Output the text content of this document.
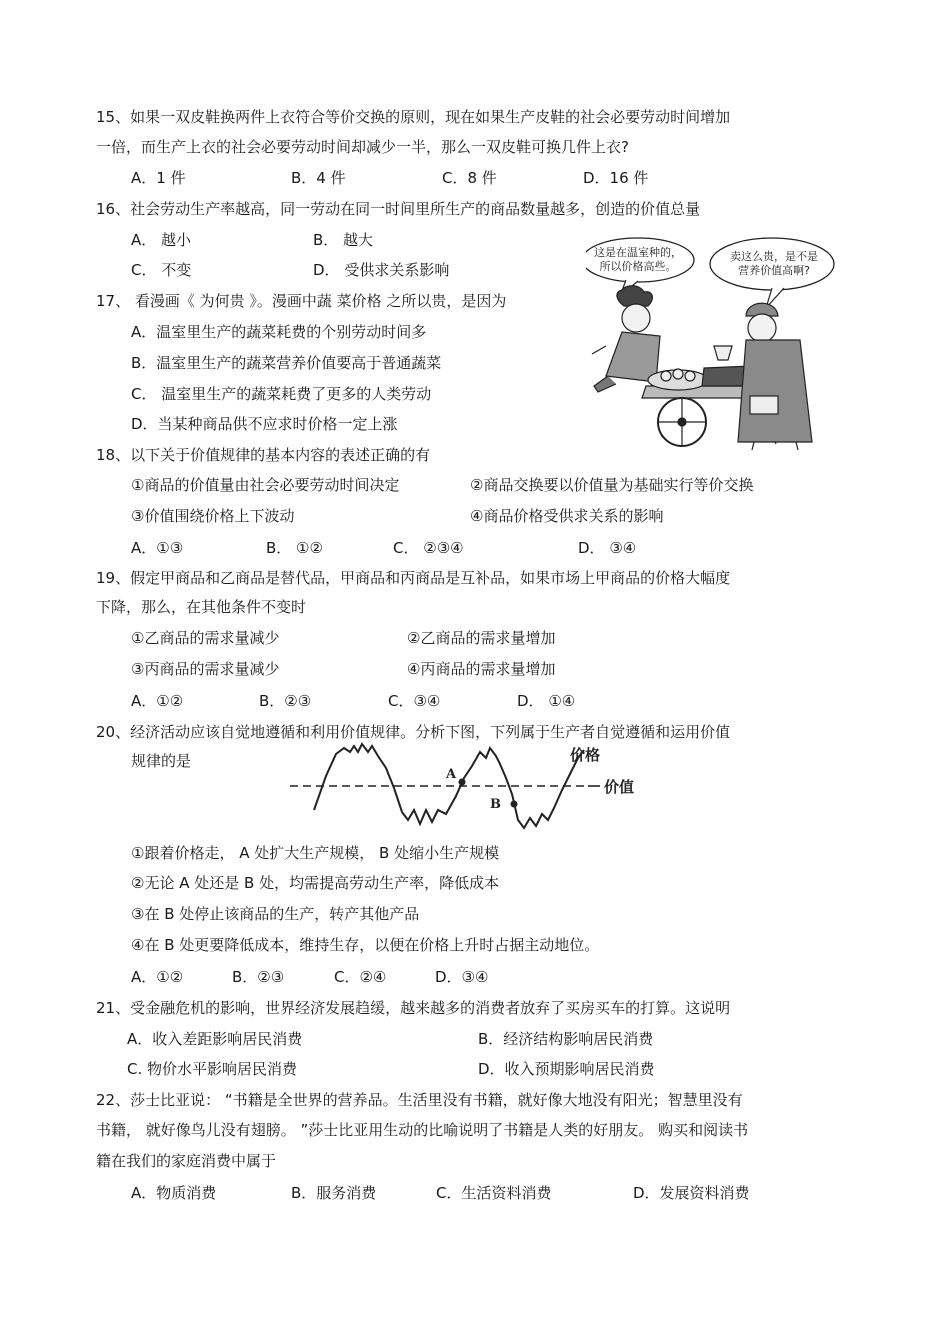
15、如果一双皮鞋换两件上衣符合等价交换的原则，现在如果生产皮鞋的社会必要劳动时间增加
一倍，而生产上衣的社会必要劳动时间却减少一半，那么一双皮鞋可换几件上衣?
A．1 件	B．4 件	C．8 件	D．16 件
16、社会劳动生产率越高，同一劳动在同一时间里所生产的商品数量越多，创造的价值总量
A． 越小	B． 越大
C． 不变	D． 受供求关系影响
17、 看漫画《 为何贵 》。漫画中蔬 菜价格 之所以贵，是因为
A．温室里生产的蔬菜耗费的个别劳动时间多
B．温室里生产的蔬菜营养价值要高于普通蔬菜
C． 温室里生产的蔬菜耗费了更多的人类劳动
D．当某种商品供不应求时价格一定上涨
这是在温室种的，
所以价格高些。
卖这么贵，是不是
营养价值高啊?
18、以下关于价值规律的基本内容的表述正确的有
①商品的价值量由社会必要劳动时间决定	②商品交换要以价值量为基础实行等价交换
③价值围绕价格上下波动	④商品价格受供求关系的影响
A．①③	B． ①②	C． ②③④	D． ③④
19、假定甲商品和乙商品是替代品，甲商品和丙商品是互补品，如果市场上甲商品的价格大幅度
下降，那么，在其他条件不变时
①乙商品的需求量减少	②乙商品的需求量增加
③丙商品的需求量减少	④丙商品的需求量增加
A．①②	B．②③	C．③④	D． ①④
20、经济活动应该自觉地遵循和利用价值规律。分析下图，下列属于生产者自觉遵循和运用价值
规律的是
A
B
价格
价值
①跟着价格走， A 处扩大生产规模， B 处缩小生产规模
②无论 A 处还是 B 处，均需提高劳动生产率，降低成本
③在 B 处停止该商品的生产，转产其他产品
④在 B 处更要降低成本，维持生存，以便在价格上升时占据主动地位。
A．①②	B．②③	C．②④	D．③④
21、受金融危机的影响，世界经济发展趋缓，越来越多的消费者放弃了买房买车的打算。这说明
A．收入差距影响居民消费	B．经济结构影响居民消费
C. 物价水平影响居民消费	D．收入预期影响居民消费
22、莎士比亚说： “书籍是全世界的营养品。生活里没有书籍，就好像大地没有阳光；智慧里没有
书籍， 就好像鸟儿没有翅膀。 ”莎士比亚用生动的比喻说明了书籍是人类的好朋友。 购买和阅读书
籍在我们的家庭消费中属于
A．物质消费	B．服务消费	C．生活资料消费	D．发展资料消费
